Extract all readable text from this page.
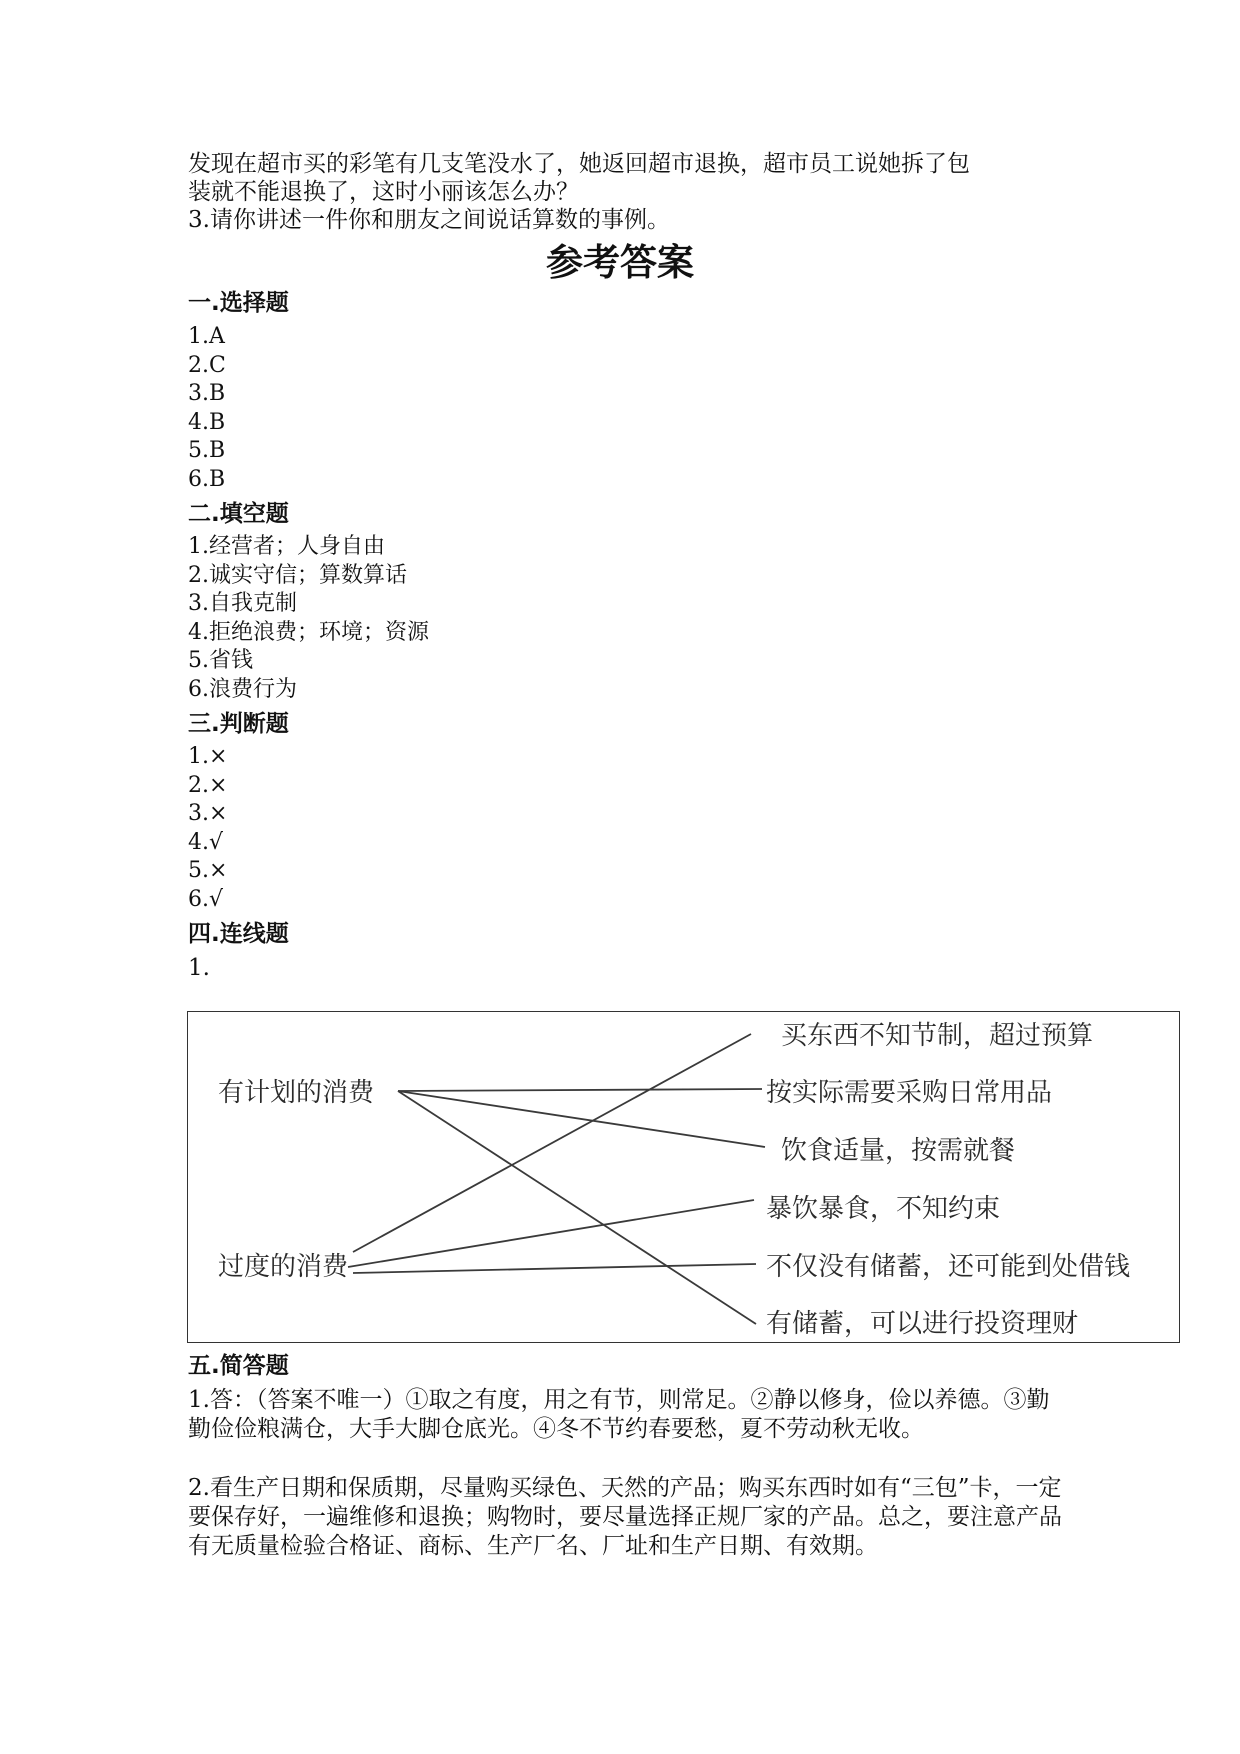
发现在超市买的彩笔有几支笔没水了，她返回超市退换，超市员工说她拆了包
装就不能退换了，这时小丽该怎么办？
3.请你讲述一件你和朋友之间说话算数的事例。
参考答案
一.选择题
1.A
2.C
3.B
4.B
5.B
6.B
二.填空题
1.经营者；人身自由
2.诚实守信；算数算话
3.自我克制
4.拒绝浪费；环境；资源
5.省钱
6.浪费行为
三.判断题
1.×
2.×
3.×
4.√
5.×
6.√
四.连线题
1.
有计划的消费
过度的消费
买东西不知节制，超过预算
按实际需要采购日常用品
饮食适量，按需就餐
暴饮暴食，不知约束
不仅没有储蓄，还可能到处借钱
有储蓄，可以进行投资理财
五.简答题
1.答：（答案不唯一）①取之有度，用之有节，则常足。②静以修身，俭以养德。③勤勤俭俭粮满仓，大手大脚仓底光。④冬不节约春要愁，夏不劳动秋无收。
2.看生产日期和保质期，尽量购买绿色、天然的产品；购买东西时如有“三包”卡，一定要保存好，一遍维修和退换；购物时，要尽量选择正规厂家的产品。总之，要注意产品有无质量检验合格证、商标、生产厂名、厂址和生产日期、有效期。
